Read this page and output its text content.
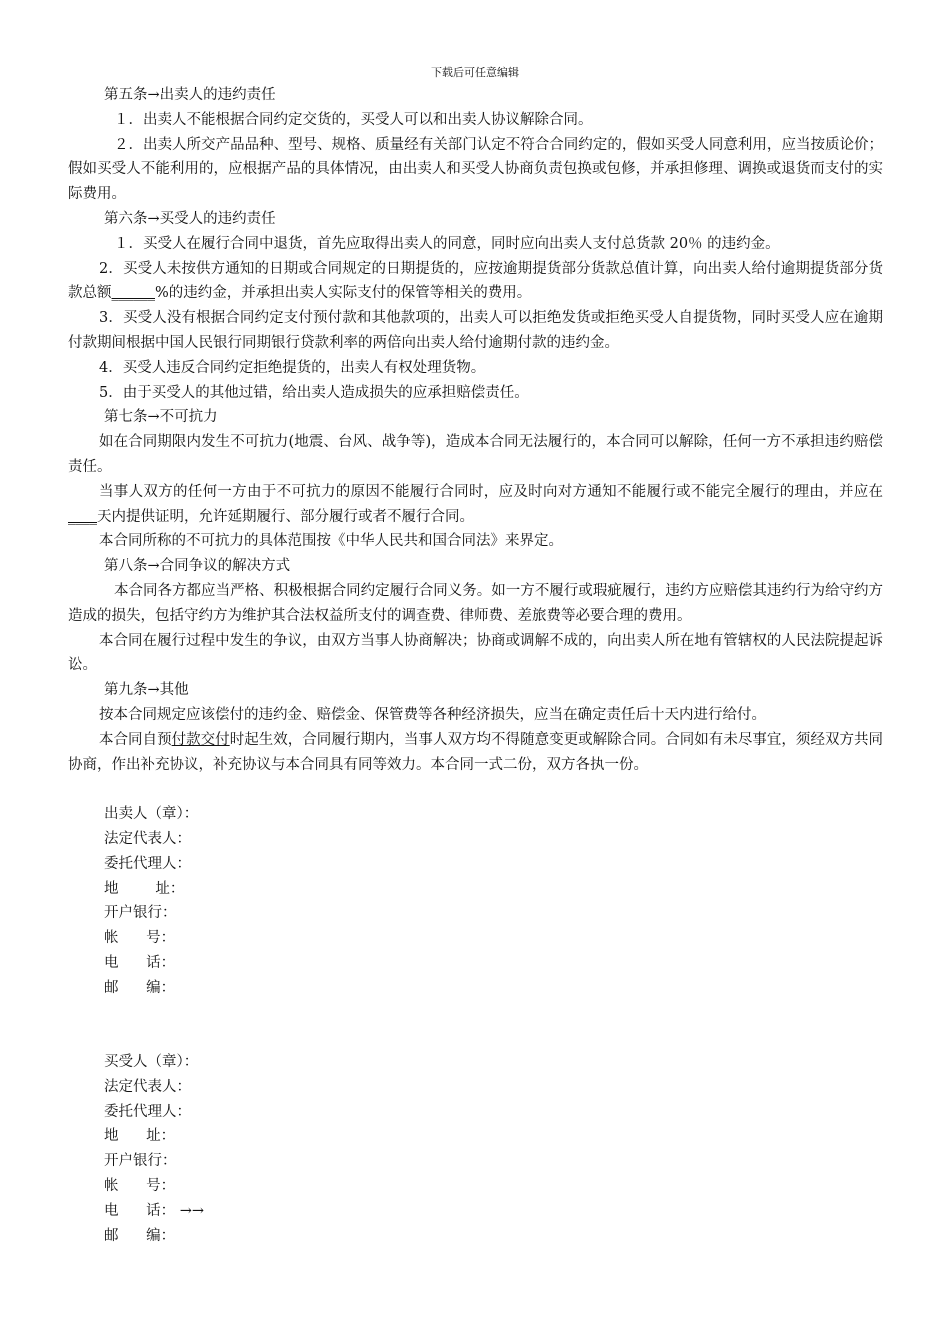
下载后可任意编辑

第五条→出卖人的违约责任

１．出卖人不能根据合同约定交货的，买受人可以和出卖人协议解除合同。

２．出卖人所交产品品种、型号、规格、质量经有关部门认定不符合合同约定的，假如买受人同意利用，应当按质论价；假如买受人不能利用的，应根据产品的具体情况，由出卖人和买受人协商负责包换或包修，并承担修理、调换或退货而支付的实际费用。

第六条→买受人的违约责任

１．买受人在履行合同中退货，首先应取得出卖人的同意，同时应向出卖人支付总货款 20％ 的违约金。

2．买受人未按供方通知的日期或合同规定的日期提货的，应按逾期提货部分货款总值计算，向出卖人给付逾期提货部分货款总额______%的违约金，并承担出卖人实际支付的保管等相关的费用。

3．买受人没有根据合同约定支付预付款和其他款项的，出卖人可以拒绝发货或拒绝买受人自提货物，同时买受人应在逾期付款期间根据中国人民银行同期银行贷款利率的两倍向出卖人给付逾期付款的违约金。

4．买受人违反合同约定拒绝提货的，出卖人有权处理货物。

5．由于买受人的其他过错，给出卖人造成损失的应承担赔偿责任。

第七条→不可抗力

如在合同期限内发生不可抗力(地震、台风、战争等)，造成本合同无法履行的，本合同可以解除，任何一方不承担违约赔偿责任。

当事人双方的任何一方由于不可抗力的原因不能履行合同时，应及时向对方通知不能履行或不能完全履行的理由，并应在____天内提供证明，允许延期履行、部分履行或者不履行合同。

本合同所称的不可抗力的具体范围按《中华人民共和国合同法》来界定。

第八条→合同争议的解决方式

本合同各方都应当严格、积极根据合同约定履行合同义务。如一方不履行或瑕疵履行，违约方应赔偿其违约行为给守约方造成的损失，包括守约方为维护其合法权益所支付的调查费、律师费、差旅费等必要合理的费用。

本合同在履行过程中发生的争议，由双方当事人协商解决；协商或调解不成的，向出卖人所在地有管辖权的人民法院提起诉讼。

第九条→其他

按本合同规定应该偿付的违约金、赔偿金、保管费等各种经济损失，应当在确定责任后十天内进行给付。

本合同自预付款交付时起生效，合同履行期内，当事人双方均不得随意变更或解除合同。合同如有未尽事宜，须经双方共同协商，作出补充协议，补充协议与本合同具有同等效力。本合同一式二份，双方各执一份。

出卖人（章）：

法定代表人：

委托代理人：

地        址：

开户银行：

帐      号：

电      话：

邮      编：

买受人（章）：

法定代表人：

委托代理人：

地      址：

开户银行：

帐      号：

电      话： →→

邮      编：
